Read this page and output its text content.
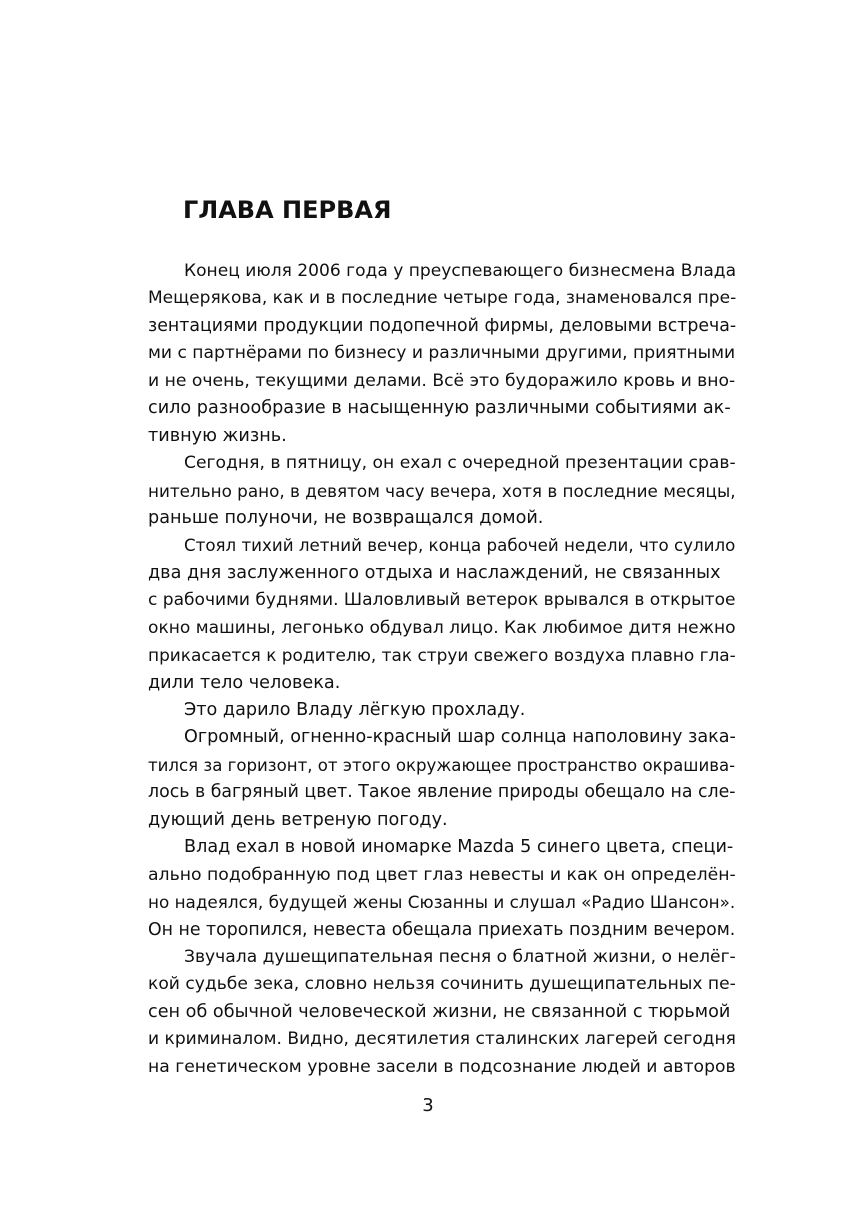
ГЛАВА ПЕРВАЯ
Конец июля 2006 года у преуспевающего бизнесмена Влада
Мещерякова, как и в последние четыре года, знаменовался пре-
зентациями продукции подопечной фирмы, деловыми встреча-
ми с партнёрами по бизнесу и различными другими, приятными
и не очень, текущими делами. Всё это будоражило кровь и вно-
сило разнообразие в насыщенную различными событиями ак-
тивную жизнь.
Сегодня, в пятницу, он ехал с очередной презентации срав-
нительно рано, в девятом часу вечера, хотя в последние месяцы,
раньше полуночи, не возвращался домой.
Стоял тихий летний вечер, конца рабочей недели, что сулило
два дня заслуженного отдыха и наслаждений, не связанных
с рабочими буднями. Шаловливый ветерок врывался в открытое
окно машины, легонько обдувал лицо. Как любимое дитя нежно
прикасается к родителю, так струи свежего воздуха плавно гла-
дили тело человека.
Это дарило Владу лёгкую прохладу.
Огромный, огненно-красный шар солнца наполовину зака-
тился за горизонт, от этого окружающее пространство окрашива-
лось в багряный цвет. Такое явление природы обещало на сле-
дующий день ветреную погоду.
Влад ехал в новой иномарке Mazda 5 синего цвета, специ-
ально подобранную под цвет глаз невесты и как он определён-
но надеялся, будущей жены Сюзанны и слушал «Радио Шансон».
Он не торопился, невеста обещала приехать поздним вечером.
Звучала душещипательная песня о блатной жизни, о нелёг-
кой судьбе зека, словно нельзя сочинить душещипательных пе-
сен об обычной человеческой жизни, не связанной с тюрьмой
и криминалом. Видно, десятилетия сталинских лагерей сегодня
на генетическом уровне засели в подсознание людей и авторов
3
